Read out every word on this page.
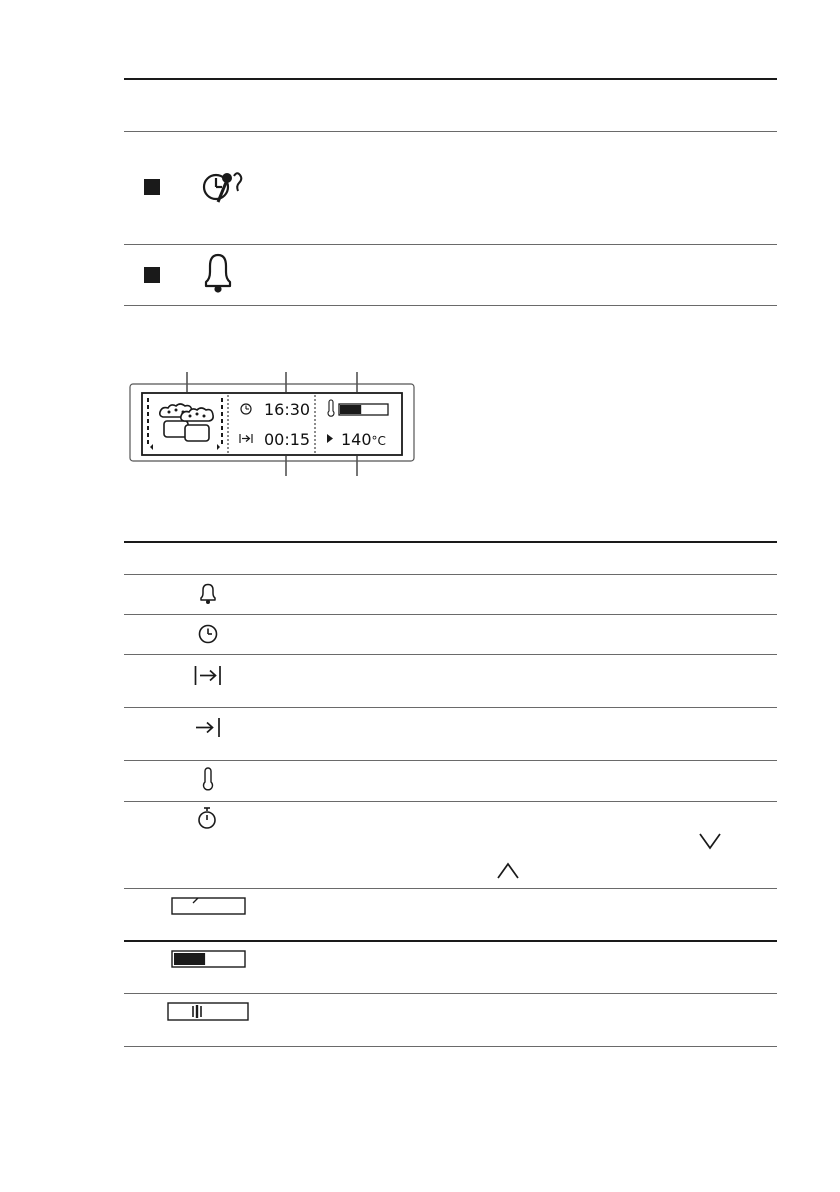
16:30
00:15 140°C
